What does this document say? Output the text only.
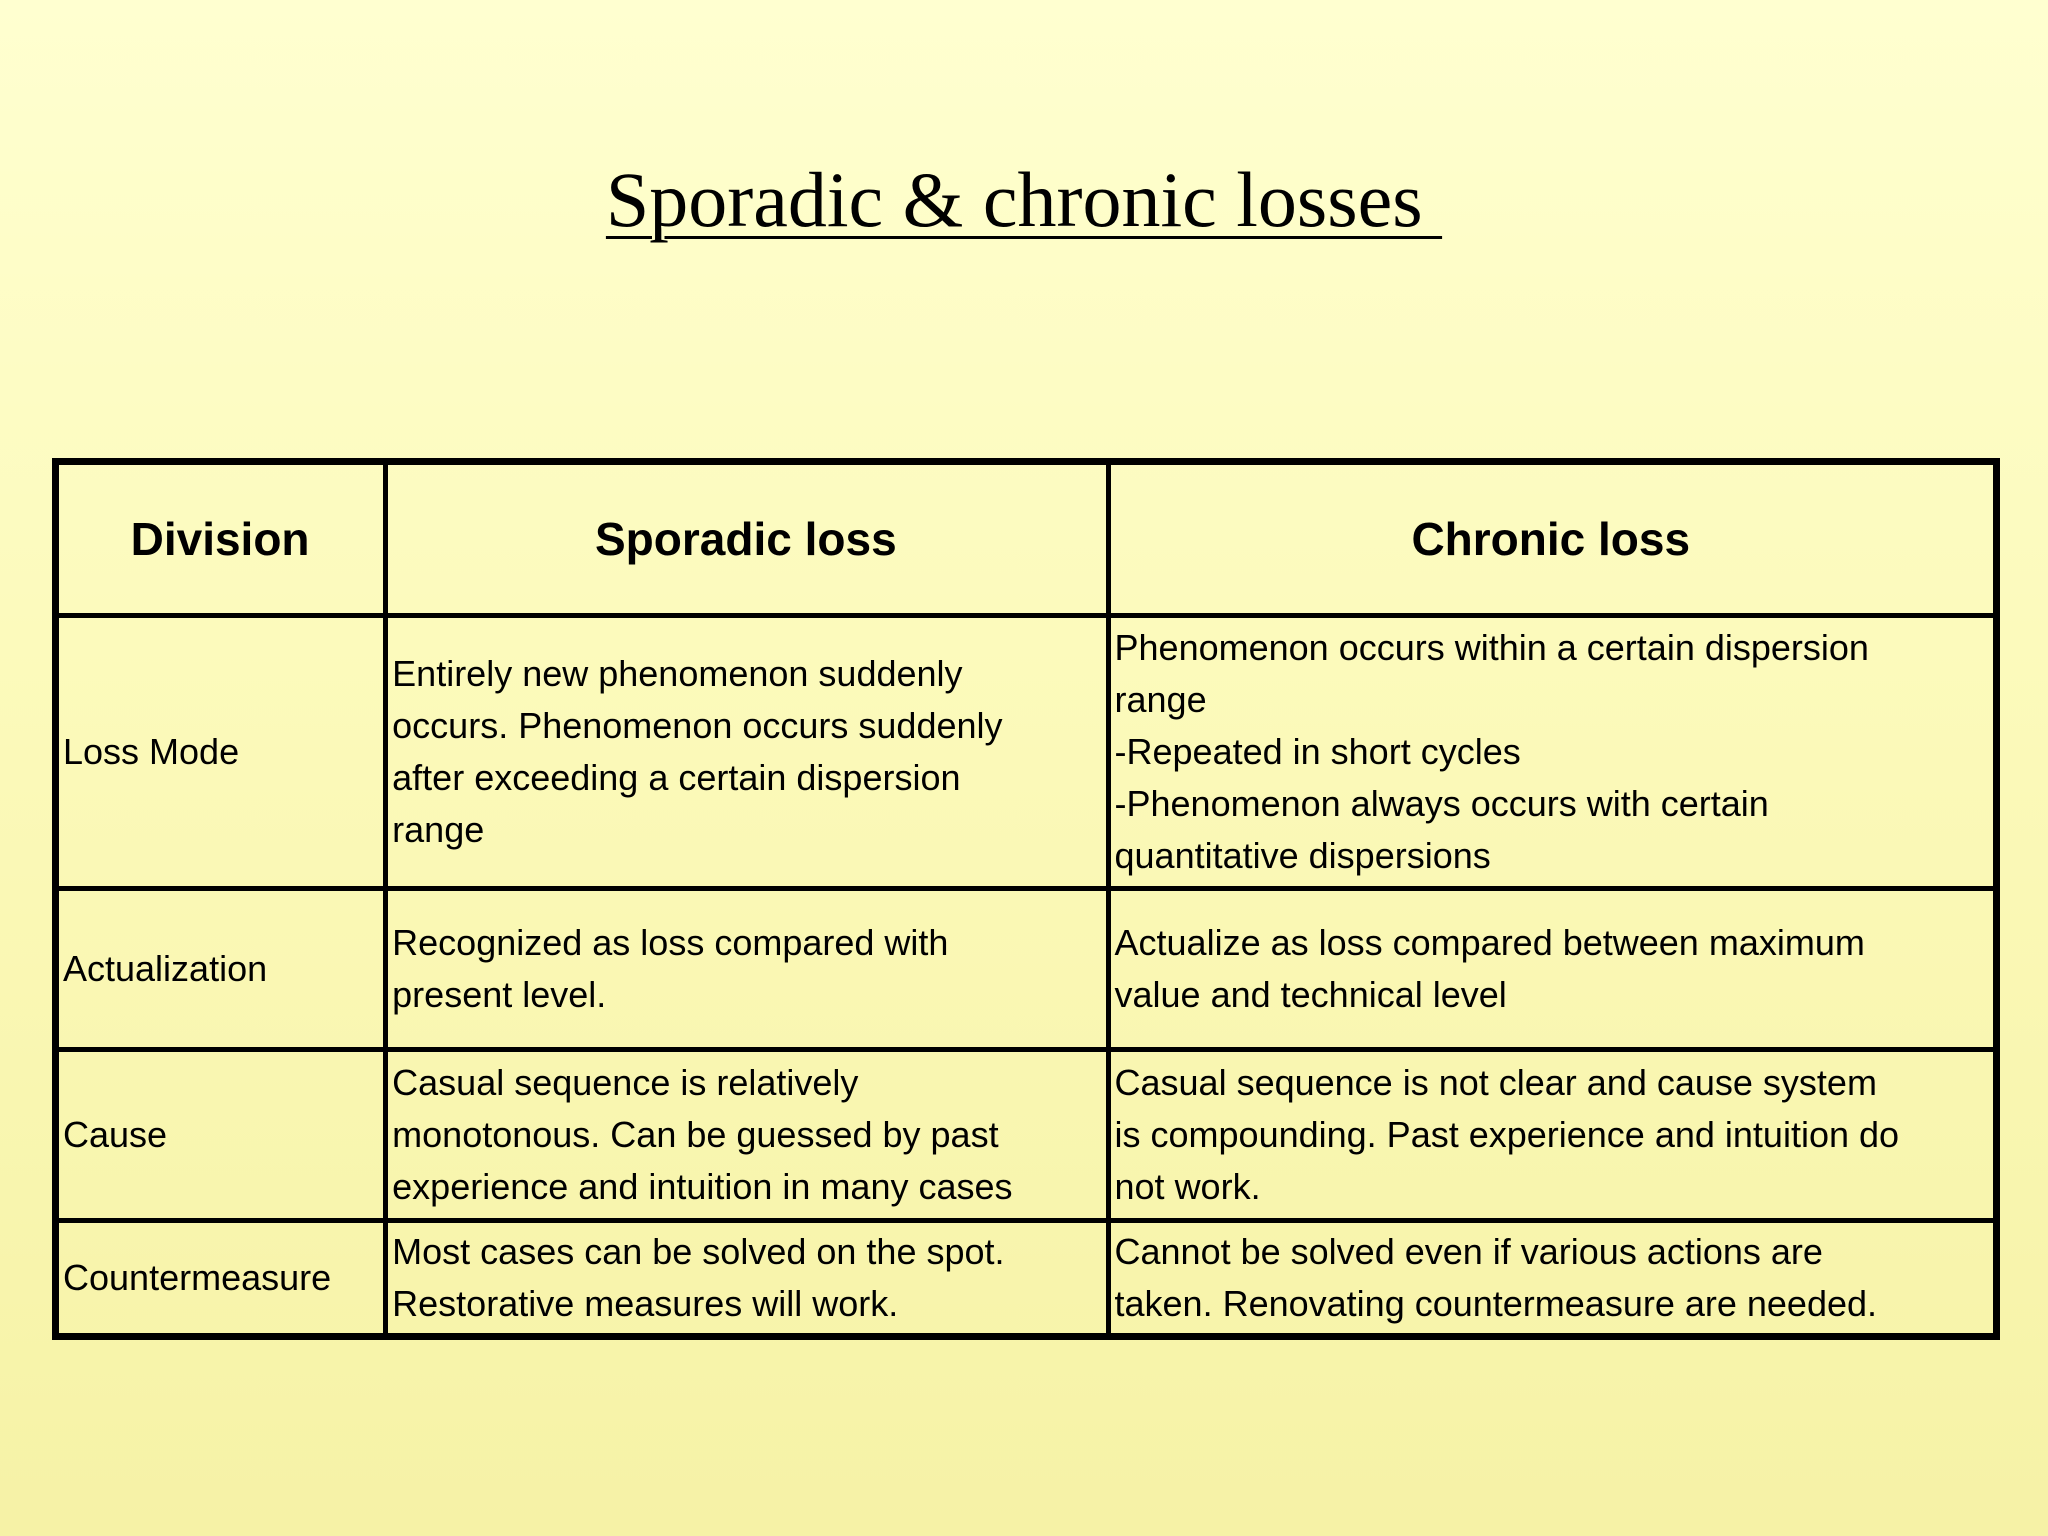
Sporadic & chronic losses
Division	Sporadic loss	Chronic loss
Loss Mode	Entirely new phenomenon suddenly
occurs. Phenomenon occurs suddenly
after exceeding a certain dispersion
range	Phenomenon occurs within a certain dispersion
range
-Repeated in short cycles
-Phenomenon always occurs with certain
quantitative dispersions
Actualization	Recognized as loss compared with
present level.	Actualize as loss compared between maximum
value and technical level
Cause	Casual sequence is relatively
monotonous. Can be guessed by past
experience and intuition in many cases	Casual sequence is not clear and cause system
is compounding. Past experience and intuition do
not work.
Countermeasure	Most cases can be solved on the spot.
Restorative measures will work.	Cannot be solved even if various actions are
taken. Renovating countermeasure are needed.
